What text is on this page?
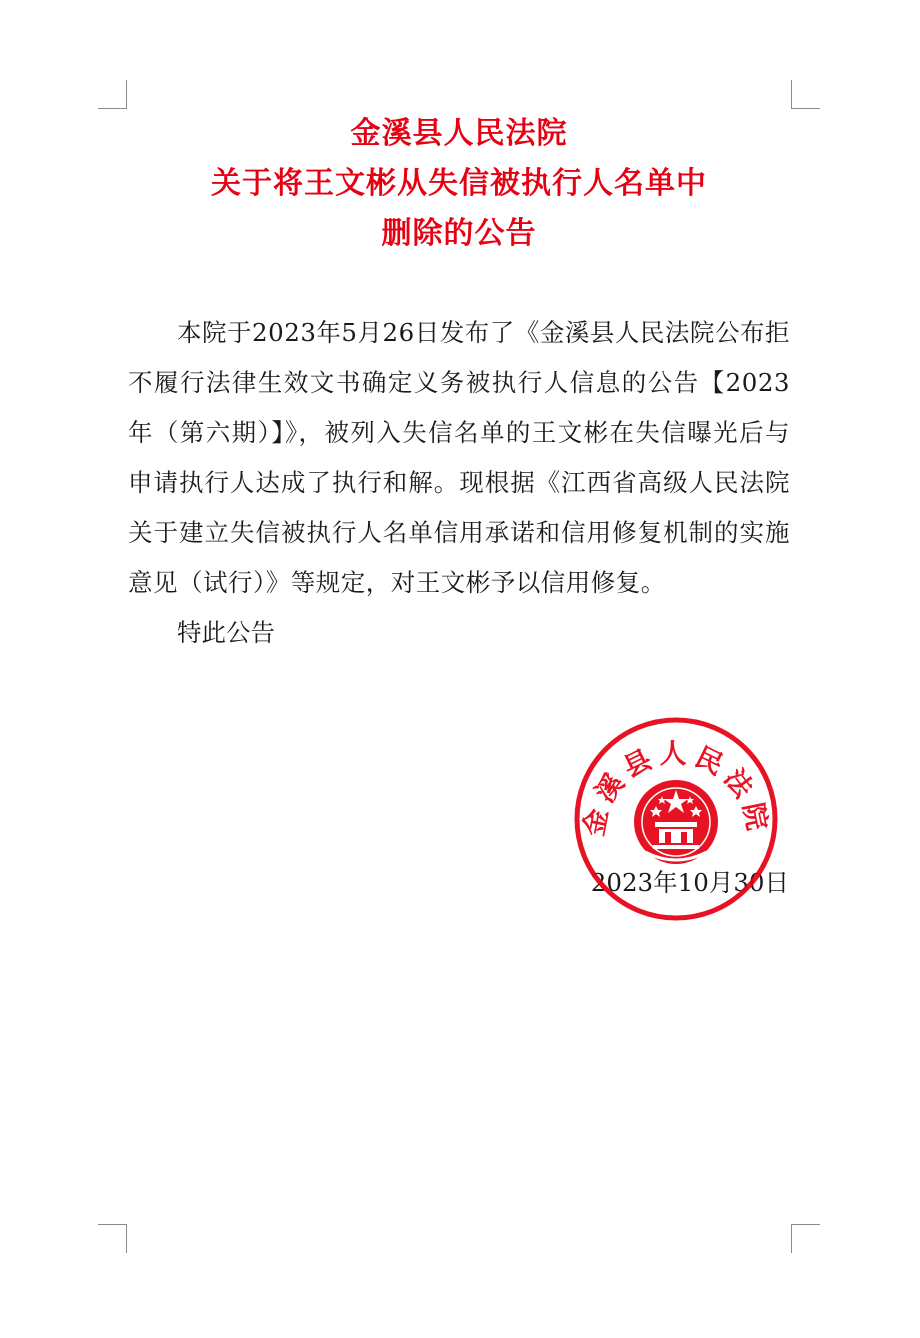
金溪县人民法院
关于将王文彬从失信被执行人名单中
删除的公告

本院于2023年5月26日发布了《金溪县人民法院公布拒不履行法律生效文书确定义务被执行人信息的公告【2023年（第六期）】》，被列入失信名单的王文彬在失信曝光后与申请执行人达成了执行和解。现根据《江西省高级人民法院关于建立失信被执行人名单信用承诺和信用修复机制的实施意见（试行）》等规定，对王文彬予以信用修复。

特此公告

2023年10月30日

金溪县人民法院
